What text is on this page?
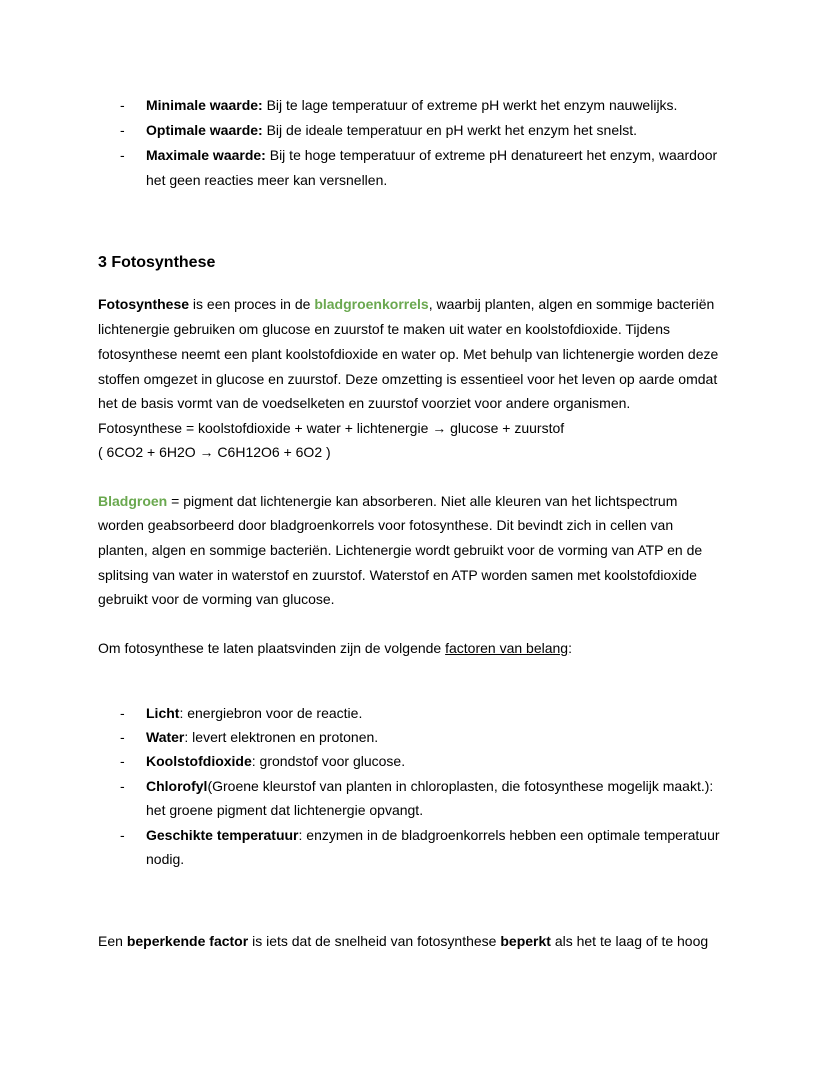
- Minimale waarde: Bij te lage temperatuur of extreme pH werkt het enzym nauwelijks.
- Optimale waarde: Bij de ideale temperatuur en pH werkt het enzym het snelst.
- Maximale waarde: Bij te hoge temperatuur of extreme pH denatureert het enzym, waardoor
het geen reacties meer kan versnellen.
3 Fotosynthese
Fotosynthese is een proces in de bladgroenkorrels, waarbij planten, algen en sommige bacteriën
lichtenergie gebruiken om glucose en zuurstof te maken uit water en koolstofdioxide. Tijdens
fotosynthese neemt een plant koolstofdioxide en water op. Met behulp van lichtenergie worden deze
stoffen omgezet in glucose en zuurstof. Deze omzetting is essentieel voor het leven op aarde omdat
het de basis vormt van de voedselketen en zuurstof voorziet voor andere organismen.
Fotosynthese = koolstofdioxide + water + lichtenergie → glucose + zuurstof
( 6CO2 + 6H2O → C6H12O6 + 6O2 )
Bladgroen = pigment dat lichtenergie kan absorberen. Niet alle kleuren van het lichtspectrum
worden geabsorbeerd door bladgroenkorrels voor fotosynthese. Dit bevindt zich in cellen van
planten, algen en sommige bacteriën. Lichtenergie wordt gebruikt voor de vorming van ATP en de
splitsing van water in waterstof en zuurstof. Waterstof en ATP worden samen met koolstofdioxide
gebruikt voor de vorming van glucose.
Om fotosynthese te laten plaatsvinden zijn de volgende factoren van belang:
- Licht: energiebron voor de reactie.
- Water: levert elektronen en protonen.
- Koolstofdioxide: grondstof voor glucose.
- Chlorofyl(Groene kleurstof van planten in chloroplasten, die fotosynthese mogelijk maakt.):
het groene pigment dat lichtenergie opvangt.
- Geschikte temperatuur: enzymen in de bladgroenkorrels hebben een optimale temperatuur
nodig.
Een beperkende factor is iets dat de snelheid van fotosynthese beperkt als het te laag of te hoog
